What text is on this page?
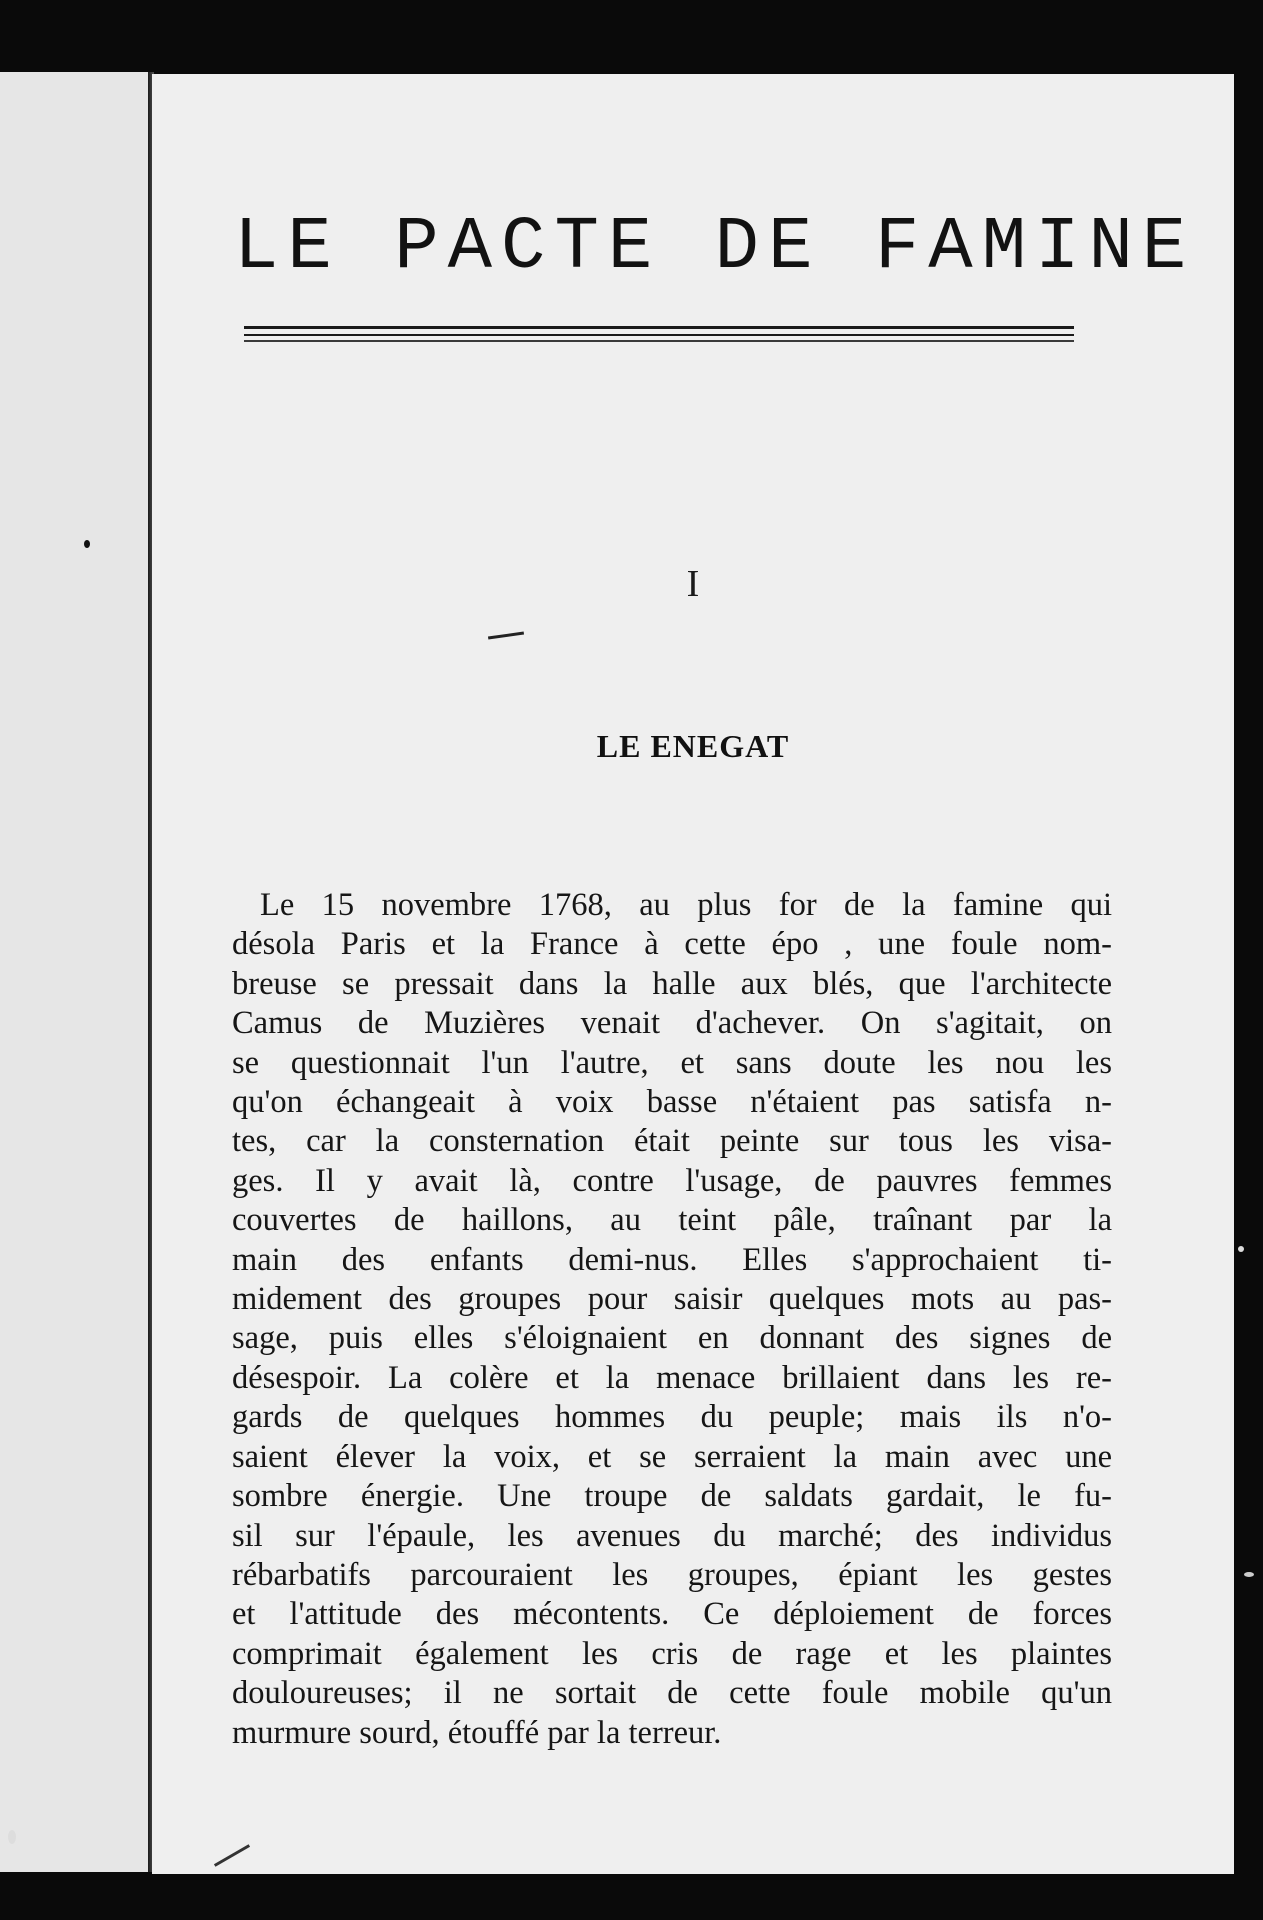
LE PACTE DE FAMINE

I

LE ENEGAT
Le 15 novembre 1768, au plus for de la famine qui
désola Paris et la France à cette épo , une foule nom-
breuse se pressait dans la halle aux blés, que l'architecte
Camus de Muzières venait d'achever. On s'agitait, on
se questionnait l'un l'autre, et sans doute les nou les
qu'on échangeait à voix basse n'étaient pas satisfa n-
tes, car la consternation était peinte sur tous les visa-
ges. Il y avait là, contre l'usage, de pauvres femmes
couvertes de haillons, au teint pâle, traînant par la
main des enfants demi-nus. Elles s'approchaient ti-
midement des groupes pour saisir quelques mots au pas-
sage, puis elles s'éloignaient en donnant des signes de
désespoir. La colère et la menace brillaient dans les re-
gards de quelques hommes du peuple; mais ils n'o-
saient élever la voix, et se serraient la main avec une
sombre énergie. Une troupe de saldats gardait, le fu-
sil sur l'épaule, les avenues du marché; des individus
rébarbatifs parcouraient les groupes, épiant les gestes
et l'attitude des mécontents. Ce déploiement de forces
comprimait également les cris de rage et les plaintes
douloureuses; il ne sortait de cette foule mobile qu'un
murmure sourd, étouffé par la terreur.
